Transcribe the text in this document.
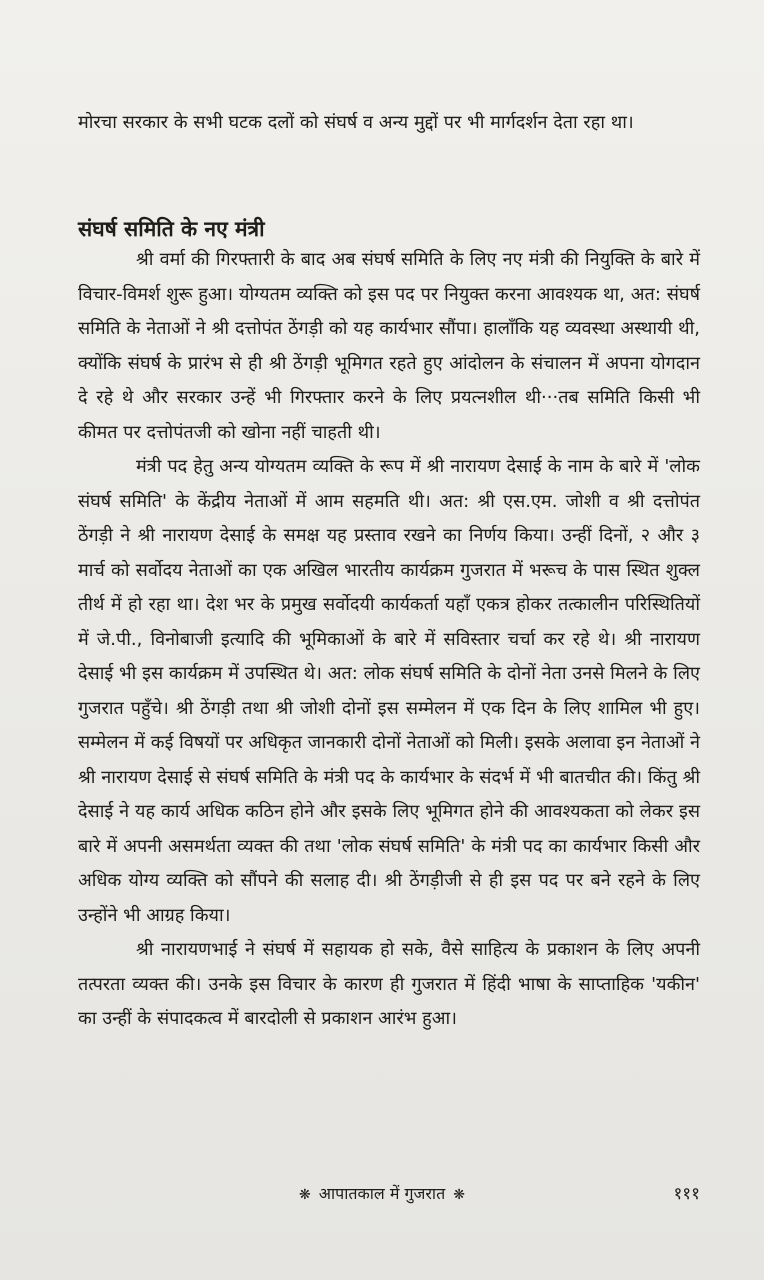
मोरचा सरकार के सभी घटक दलों को संघर्ष व अन्य मुद्दों पर भी मार्गदर्शन देता रहा था।

संघर्ष समिति के नए मंत्री

श्री वर्मा की गिरफ्तारी के बाद अब संघर्ष समिति के लिए नए मंत्री की नियुक्ति के बारे में विचार-विमर्श शुरू हुआ। योग्यतम व्यक्ति को इस पद पर नियुक्त करना आवश्यक था, अत: संघर्ष समिति के नेताओं ने श्री दत्तोपंत ठेंगड़ी को यह कार्यभार सौंपा। हालाँकि यह व्यवस्था अस्थायी थी, क्योंकि संघर्ष के प्रारंभ से ही श्री ठेंगड़ी भूमिगत रहते हुए आंदोलन के संचालन में अपना योगदान दे रहे थे और सरकार उन्हें भी गिरफ्तार करने के लिए प्रयत्नशील थी···तब समिति किसी भी कीमत पर दत्तोपंतजी को खोना नहीं चाहती थी।

मंत्री पद हेतु अन्य योग्यतम व्यक्ति के रूप में श्री नारायण देसाई के नाम के बारे में 'लोक संघर्ष समिति' के केंद्रीय नेताओं में आम सहमति थी। अत: श्री एस.एम. जोशी व श्री दत्तोपंत ठेंगड़ी ने श्री नारायण देसाई के समक्ष यह प्रस्ताव रखने का निर्णय किया। उन्हीं दिनों, २ और ३ मार्च को सर्वोदय नेताओं का एक अखिल भारतीय कार्यक्रम गुजरात में भरूच के पास स्थित शुक्ल तीर्थ में हो रहा था। देश भर के प्रमुख सर्वोदयी कार्यकर्ता यहाँ एकत्र होकर तत्कालीन परिस्थितियों में जे.पी., विनोबाजी इत्यादि की भूमिकाओं के बारे में सविस्तार चर्चा कर रहे थे। श्री नारायण देसाई भी इस कार्यक्रम में उपस्थित थे। अत: लोक संघर्ष समिति के दोनों नेता उनसे मिलने के लिए गुजरात पहुँचे। श्री ठेंगड़ी तथा श्री जोशी दोनों इस सम्मेलन में एक दिन के लिए शामिल भी हुए। सम्मेलन में कई विषयों पर अधिकृत जानकारी दोनों नेताओं को मिली। इसके अलावा इन नेताओं ने श्री नारायण देसाई से संघर्ष समिति के मंत्री पद के कार्यभार के संदर्भ में भी बातचीत की। किंतु श्री देसाई ने यह कार्य अधिक कठिन होने और इसके लिए भूमिगत होने की आवश्यकता को लेकर इस बारे में अपनी असमर्थता व्यक्त की तथा 'लोक संघर्ष समिति' के मंत्री पद का कार्यभार किसी और अधिक योग्य व्यक्ति को सौंपने की सलाह दी। श्री ठेंगड़ीजी से ही इस पद पर बने रहने के लिए उन्होंने भी आग्रह किया।

श्री नारायणभाई ने संघर्ष में सहायक हो सके, वैसे साहित्य के प्रकाशन के लिए अपनी तत्परता व्यक्त की। उनके इस विचार के कारण ही गुजरात में हिंदी भाषा के साप्ताहिक 'यकीन' का उन्हीं के संपादकत्व में बारदोली से प्रकाशन आरंभ हुआ।

❋ आपातकाल में गुजरात ❋	१११
